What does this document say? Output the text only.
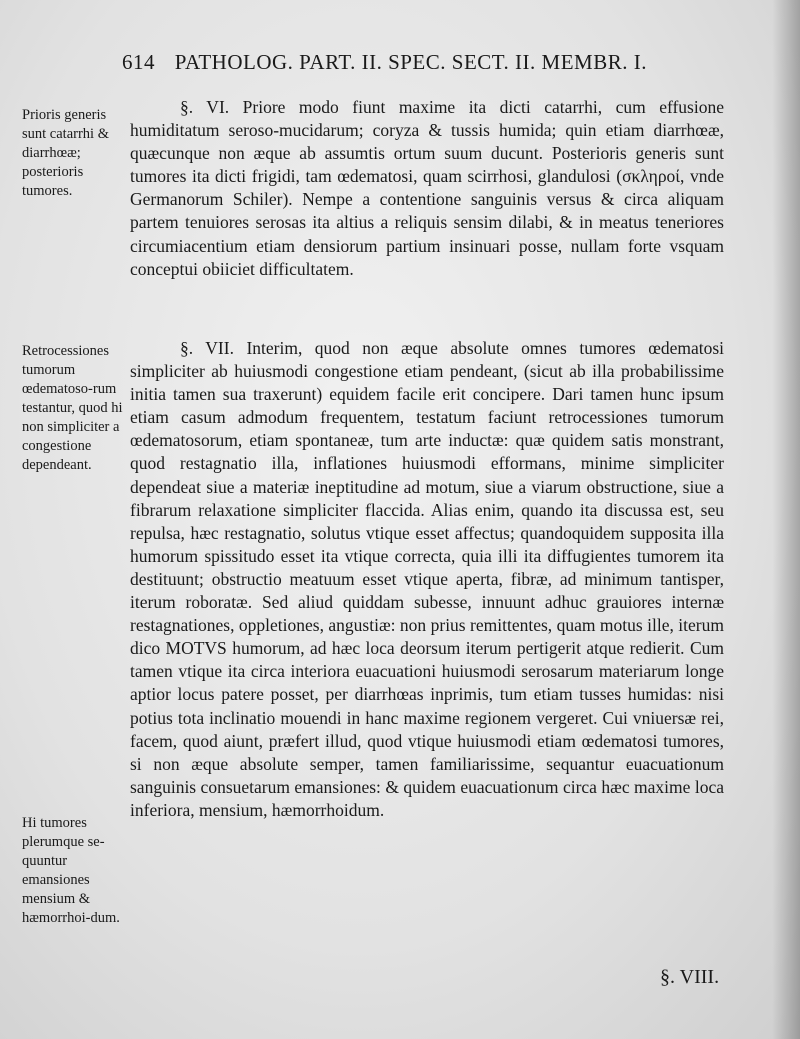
614 PATHOLOG. PART. II. SPEC. SECT. II. MEMBR. I.
Prioris generis sunt catarrhi & diarrhœæ; posterioris tumores.
Retrocessiones tumorum œdematoso-rum testantur, quod hi non simpliciter a congestione dependeant.
Hi tumores plerumque se-quuntur emansiones mensium & hæmorrhoi-dum.
§. VI. Priore modo fiunt maxime ita dicti catarrhi, cum effusione humiditatum seroso-mucidarum; coryza & tussis humida; quin etiam diarrhœæ, quæcunque non æque ab assumtis ortum suum ducunt. Posterioris generis sunt tumores ita dicti frigidi, tam œdematosi, quam scirrhosi, glandulosi (σκληροί, vnde Germanorum Schiler). Nempe a contentione sanguinis versus & circa aliquam partem tenuiores serosas ita altius a reliquis sensim dilabi, & in meatus teneriores circumiacentium etiam densiorum partium insinuari posse, nullam forte vsquam conceptui obiiciet difficultatem.
§. VII. Interim, quod non æque absolute omnes tumores œdematosi simpliciter ab huiusmodi congestione etiam pendeant, (sicut ab illa probabilissime initia tamen sua traxerunt) equidem facile erit concipere. Dari tamen hunc ipsum etiam casum admodum frequentem, testatum faciunt retrocessiones tumorum œdematosorum, etiam spontaneæ, tum arte inductæ: quæ quidem satis monstrant, quod restagnatio illa, inflationes huiusmodi efformans, minime simpliciter dependeat siue a materiæ ineptitudine ad motum, siue a viarum obstructione, siue a fibrarum relaxatione simpliciter flaccida. Alias enim, quando ita discussa est, seu repulsa, hæc restagnatio, solutus vtique esset affectus; quandoquidem supposita illa humorum spissitudo esset ita vtique correcta, quia illi ita diffugientes tumorem ita destituunt; obstructio meatuum esset vtique aperta, fibræ, ad minimum tantisper, iterum roboratæ. Sed aliud quiddam subesse, innuunt adhuc grauiores internæ restagnationes, oppletiones, angustiæ: non prius remittentes, quam motus ille, iterum dico MOTVS humorum, ad hæc loca deorsum iterum pertigerit atque redierit. Cum tamen vtique ita circa interiora euacuationi huiusmodi serosarum materiarum longe aptior locus patere posset, per diarrhœas inprimis, tum etiam tusses humidas: nisi potius tota inclinatio mouendi in hanc maxime regionem vergeret. Cui vniuersæ rei, facem, quod aiunt, præfert illud, quod vtique huiusmodi etiam œdematosi tumores, si non æque absolute semper, tamen familiarissime, sequantur euacuationum sanguinis consuetarum emansiones: & quidem euacuationum circa hæc maxime loca inferiora, mensium, hæmorrhoidum.
§. VIII.
